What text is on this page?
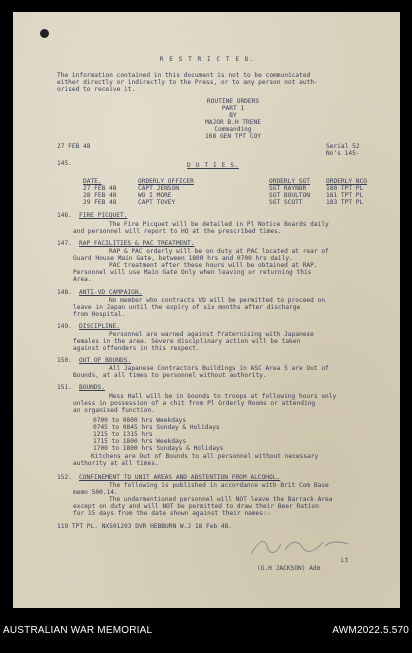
R E S T R I C T E D.
The information contained in this document is not to be communicated
either directly or indirectly to the Press, or to any person not auth-
orised to receive it.
ROUTINE ORDERS
PART 1
BY
MAJOR B.H TRENE
Commanding
168 GEN TPT COY
27 FEB 48	Serial 52
No's 145-
145.	D U T I E S.
DATE.	ORDERLY OFFICER	ORDERLY SGT	ORDERLY NCO
27 FEB 48	CAPT JENSON	SGT RAYNOR	180 TPT PL
28 FEB 48	WO I MORE	SGT BOULTON	181 TPT PL
29 FEB 48	CAPT TOVEY	SGT SCOTT	183 TPT PL
146. FIRE PICQUET.
The Fire Picquet will be detailed in Pl Notice Boards daily
and personnel will report to HQ at the prescribed times.
147. RAP FACILITIES & PAC TREATMENT.
RAP & PAC orderly will be on duty at PAC located at rear of
Guard House Main Gate, between 1800 hrs and 0700 hrs daily.
PAC treatment after these hours will be obtained at RAP.
Personnel will use Main Gate Only when leaving or returning this
Area.
148. ANTI-VD CAMPAIGN.
No member who contracts VD will be permitted to proceed on
leave in Japan until the expiry of six months after discharge
from Hospital.
149. DISCIPLINE.
Personnel are warned against fraternising with Japanese
females in the area. Severe disciplinary action will be taken
against offenders in this respect.
150. OUT OF BOUNDS.
All Japanese Contractors Buildings in ASC Area 5 are Out of
Bounds, at all times to personnel without authority.
151. BOUNDS.
Mess Hall will be in bounds to troops at following hours only
unless in possession of a chit from Pl Orderly Rooms or attending
an organised function.
0700 to 0800 hrs Weekdays
0745 to 0845 hrs Sunday & Holidays
1215 to 1315 hrs
1715 to 1800 hrs Weekdays
1700 to 1800 hrs Sundays & Holidays
Kitchens are Out of Bounds to all personnel without necessary
authority at all times.
152. CONFINEMENT TO UNIT AREAS AND ABSTENTION FROM ALCOHOL.
The following is published in accordance with Brit Com Base
memo 500.14.
The undermentioned personnel will NOT leave the Barrack Area
except on duty and will NOT be permitted to draw their Beer Ration
for 15 days from the date shown against their names:-
119 TPT PL. NX501293 DVR HEBBURN W.J 18 Feb 48.
Lt
(G.H JACKSON) Adm
AUSTRALIAN WAR MEMORIAL	AWM2022.5.570
